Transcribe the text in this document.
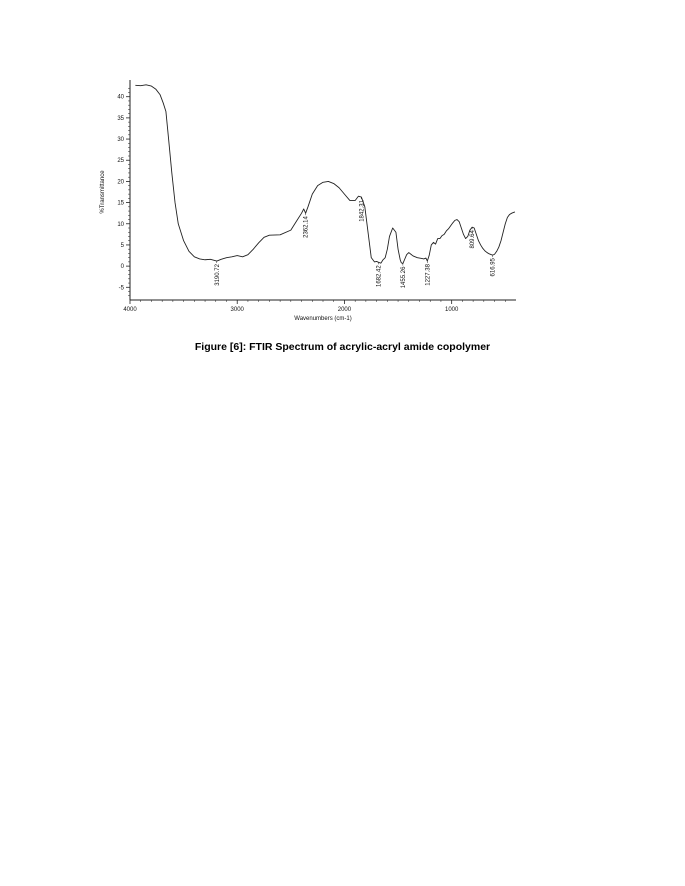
-5
0
5
10
15
20
25
30
35
40
4000	3000	2000	1000
3190.72
2362.14
1842.31
1682.42	1455.26	1227.38
809.64
616.95
%Transmittance
Wavenumbers (cm-1)
Figure [6]: FTIR Spectrum of acrylic-acryl amide copolymer
